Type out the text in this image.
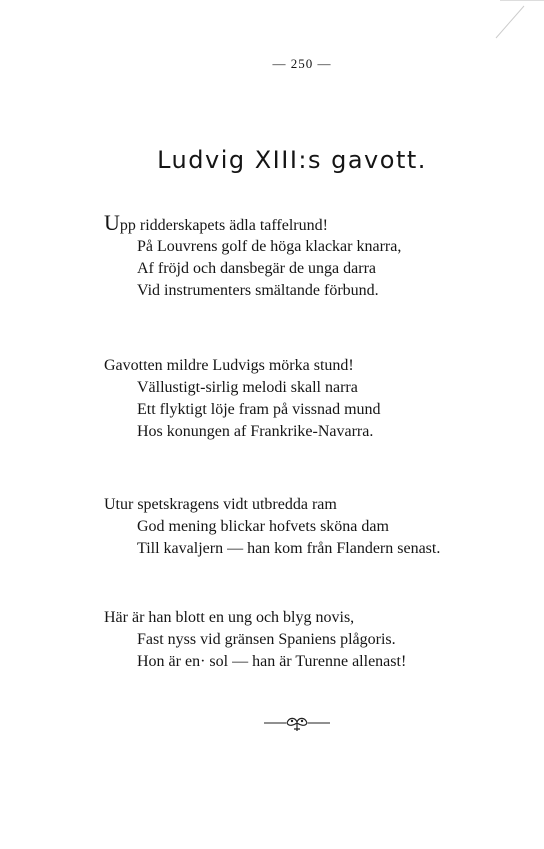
— 250 —
Ludvig XIII:s gavott.
Upp ridderskapets ädla taffelrund!
På Louvrens golf de höga klackar knarra,
Af fröjd och dansbegär de unga darra
Vid instrumenters smältande förbund.
Gavotten mildre Ludvigs mörka stund!
Vällustigt-sirlig melodi skall narra
Ett flyktigt löje fram på vissnad mund
Hos konungen af Frankrike-Navarra.
Utur spetskragens vidt utbredda ram
God mening blickar hofvets sköna dam
Till kavaljern — han kom från Flandern senast.
Här är han blott en ung och blyg novis,
Fast nyss vid gränsen Spaniens plågoris.
Hon är en· sol — han är Turenne allenast!
